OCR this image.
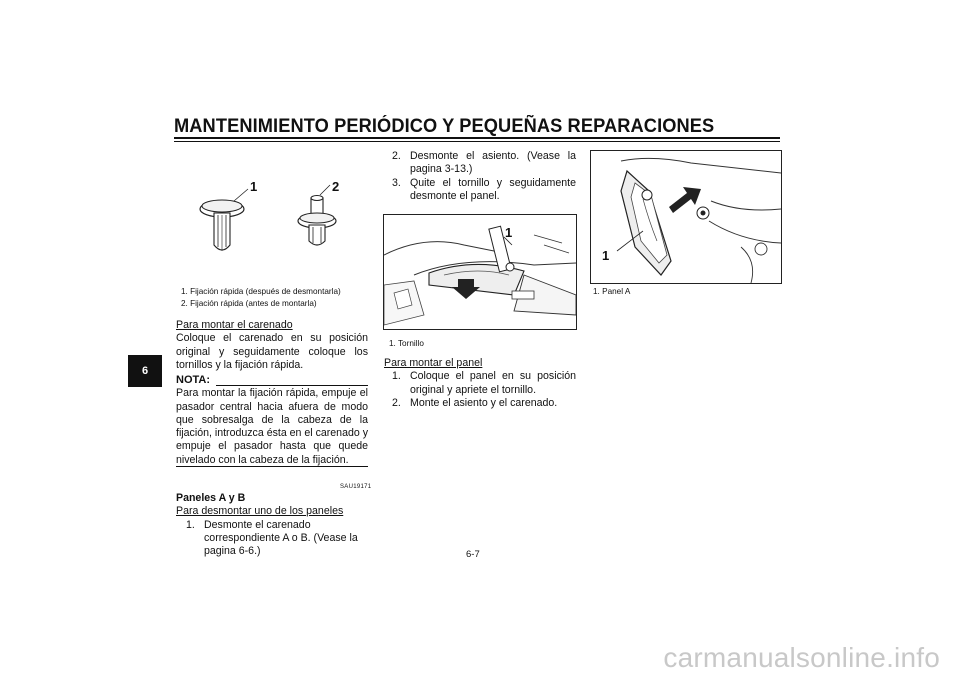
MANTENIMIENTO PERIÓDICO Y PEQUEÑAS REPARACIONES
6
1	2
1. Fijación rápida (después de desmontarla)
2. Fijación rápida (antes de montarla)

Para montar el carenado

Coloque el carenado en su posición original y seguidamente coloque los tornillos y la fijación rápida.

NOTA:

Para montar la fijación rápida, empuje el pasador central hacia afuera de modo que sobresalga de la cabeza de la fijación, introduzca ésta en el carenado y empuje el pasador hasta que quede nivelado con la cabeza de la fijación.

SAU19171

Paneles A y B

Para desmontar uno de los paneles

1. Desmonte el carenado correspondiente A o B. (Vease la pagina 6-6.)
2. Desmonte el asiento. (Vease la pagina 3-13.)
3. Quite el tornillo y seguidamente desmonte el panel.
1
1. Tornillo

Para montar el panel

1. Coloque el panel en su posición original y apriete el tornillo.
2. Monte el asiento y el carenado.
1
1. Panel A
6-7
carmanualsonline.info
